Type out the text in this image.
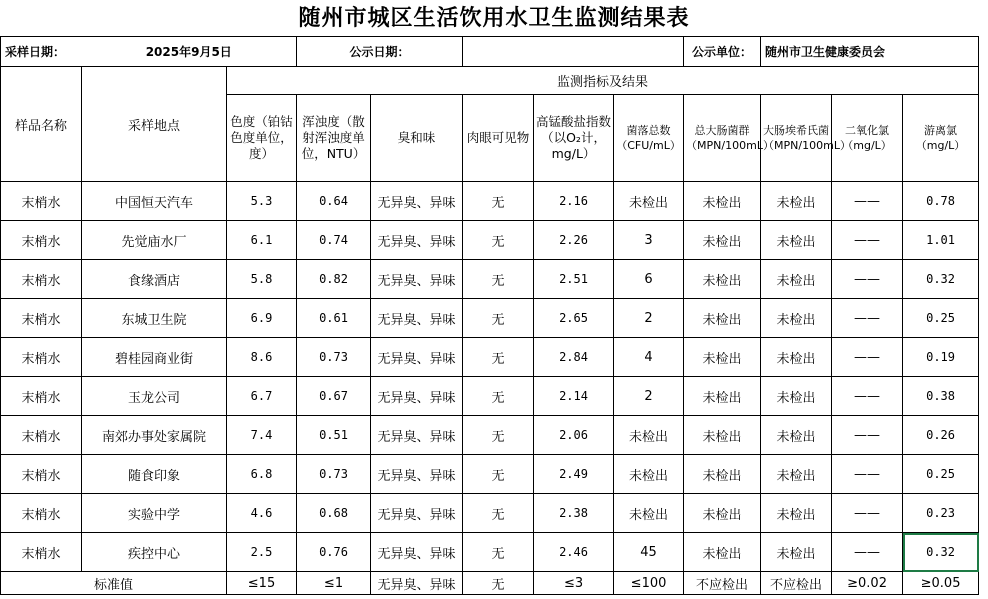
随州市城区生活饮用水卫生监测结果表
采样日期：	2025年9月5日		公示日期：					公示单位：	随州市卫生健康委员会		
样品名称	采样地点	监测指标及结果									
		色度（铂钴色度单位，度）	浑浊度（散射浑浊度单位，NTU）	臭和味	肉眼可见物	高锰酸盐指数（以O₂计，mg/L）	菌落总数（CFU/mL）	总大肠菌群（MPN/100mL）	大肠埃希氏菌（MPN/100mL）	二氧化氯（mg/L）	游离氯（mg/L）
末梢水	中国恒天汽车	5.3	0.64	无异臭、异味	无	2.16	未检出	未检出	未检出	——	0.78
末梢水	先觉庙水厂	6.1	0.74	无异臭、异味	无	2.26	3	未检出	未检出	——	1.01
末梢水	食缘酒店	5.8	0.82	无异臭、异味	无	2.51	6	未检出	未检出	——	0.32
末梢水	东城卫生院	6.9	0.61	无异臭、异味	无	2.65	2	未检出	未检出	——	0.25
末梢水	碧桂园商业街	8.6	0.73	无异臭、异味	无	2.84	4	未检出	未检出	——	0.19
末梢水	玉龙公司	6.7	0.67	无异臭、异味	无	2.14	2	未检出	未检出	——	0.38
末梢水	南郊办事处家属院	7.4	0.51	无异臭、异味	无	2.06	未检出	未检出	未检出	——	0.26
末梢水	随食印象	6.8	0.73	无异臭、异味	无	2.49	未检出	未检出	未检出	——	0.25
末梢水	实验中学	4.6	0.68	无异臭、异味	无	2.38	未检出	未检出	未检出	——	0.23
末梢水	疾控中心	2.5	0.76	无异臭、异味	无	2.46	45	未检出	未检出	——	0.32
标准值		≤15	≤1	无异臭、异味	无	≤3	≤100	不应检出	不应检出	≥0.02	≥0.05
